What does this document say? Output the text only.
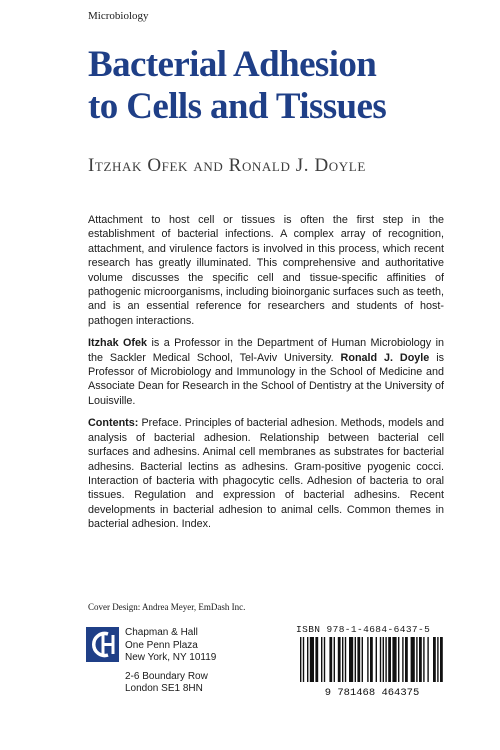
Microbiology
Bacterial Adhesion
to Cells and Tissues
Itzhak Ofek and Ronald J. Doyle

Attachment to host cell or tissues is often the first step in the establishment of bacterial infections. A complex array of recognition, attachment, and virulence factors is involved in this process, which recent research has greatly illuminated. This comprehensive and authoritative volume discusses the specific cell and tissue-specific affinities of pathogenic microorganisms, including bioinorganic surfaces such as teeth, and is an essential reference for researchers and students of host-pathogen interactions.

Itzhak Ofek is a Professor in the Department of Human Microbiology in the Sackler Medical School, Tel-Aviv University. Ronald J. Doyle is Professor of Microbiology and Immunology in the School of Medicine and Associate Dean for Research in the School of Dentistry at the University of Louisville.

Contents: Preface. Principles of bacterial adhesion. Methods, models and analysis of bacterial adhesion. Relationship between bacterial cell surfaces and adhesins. Animal cell membranes as substrates for bacterial adhesins. Bacterial lectins as adhesins. Gram-positive pyogenic cocci. Interaction of bacteria with phagocytic cells. Adhesion of bacteria to oral tissues. Regulation and expression of bacterial adhesins. Recent developments in bacterial adhesion to animal cells. Common themes in bacterial adhesion. Index.

Cover Design: Andrea Meyer, EmDash Inc.
Chapman & Hall
One Penn Plaza
New York, NY 10119
2-6 Boundary Row
London SE1 8HN
ISBN 978-1-4684-6437-5
9 781468 464375
